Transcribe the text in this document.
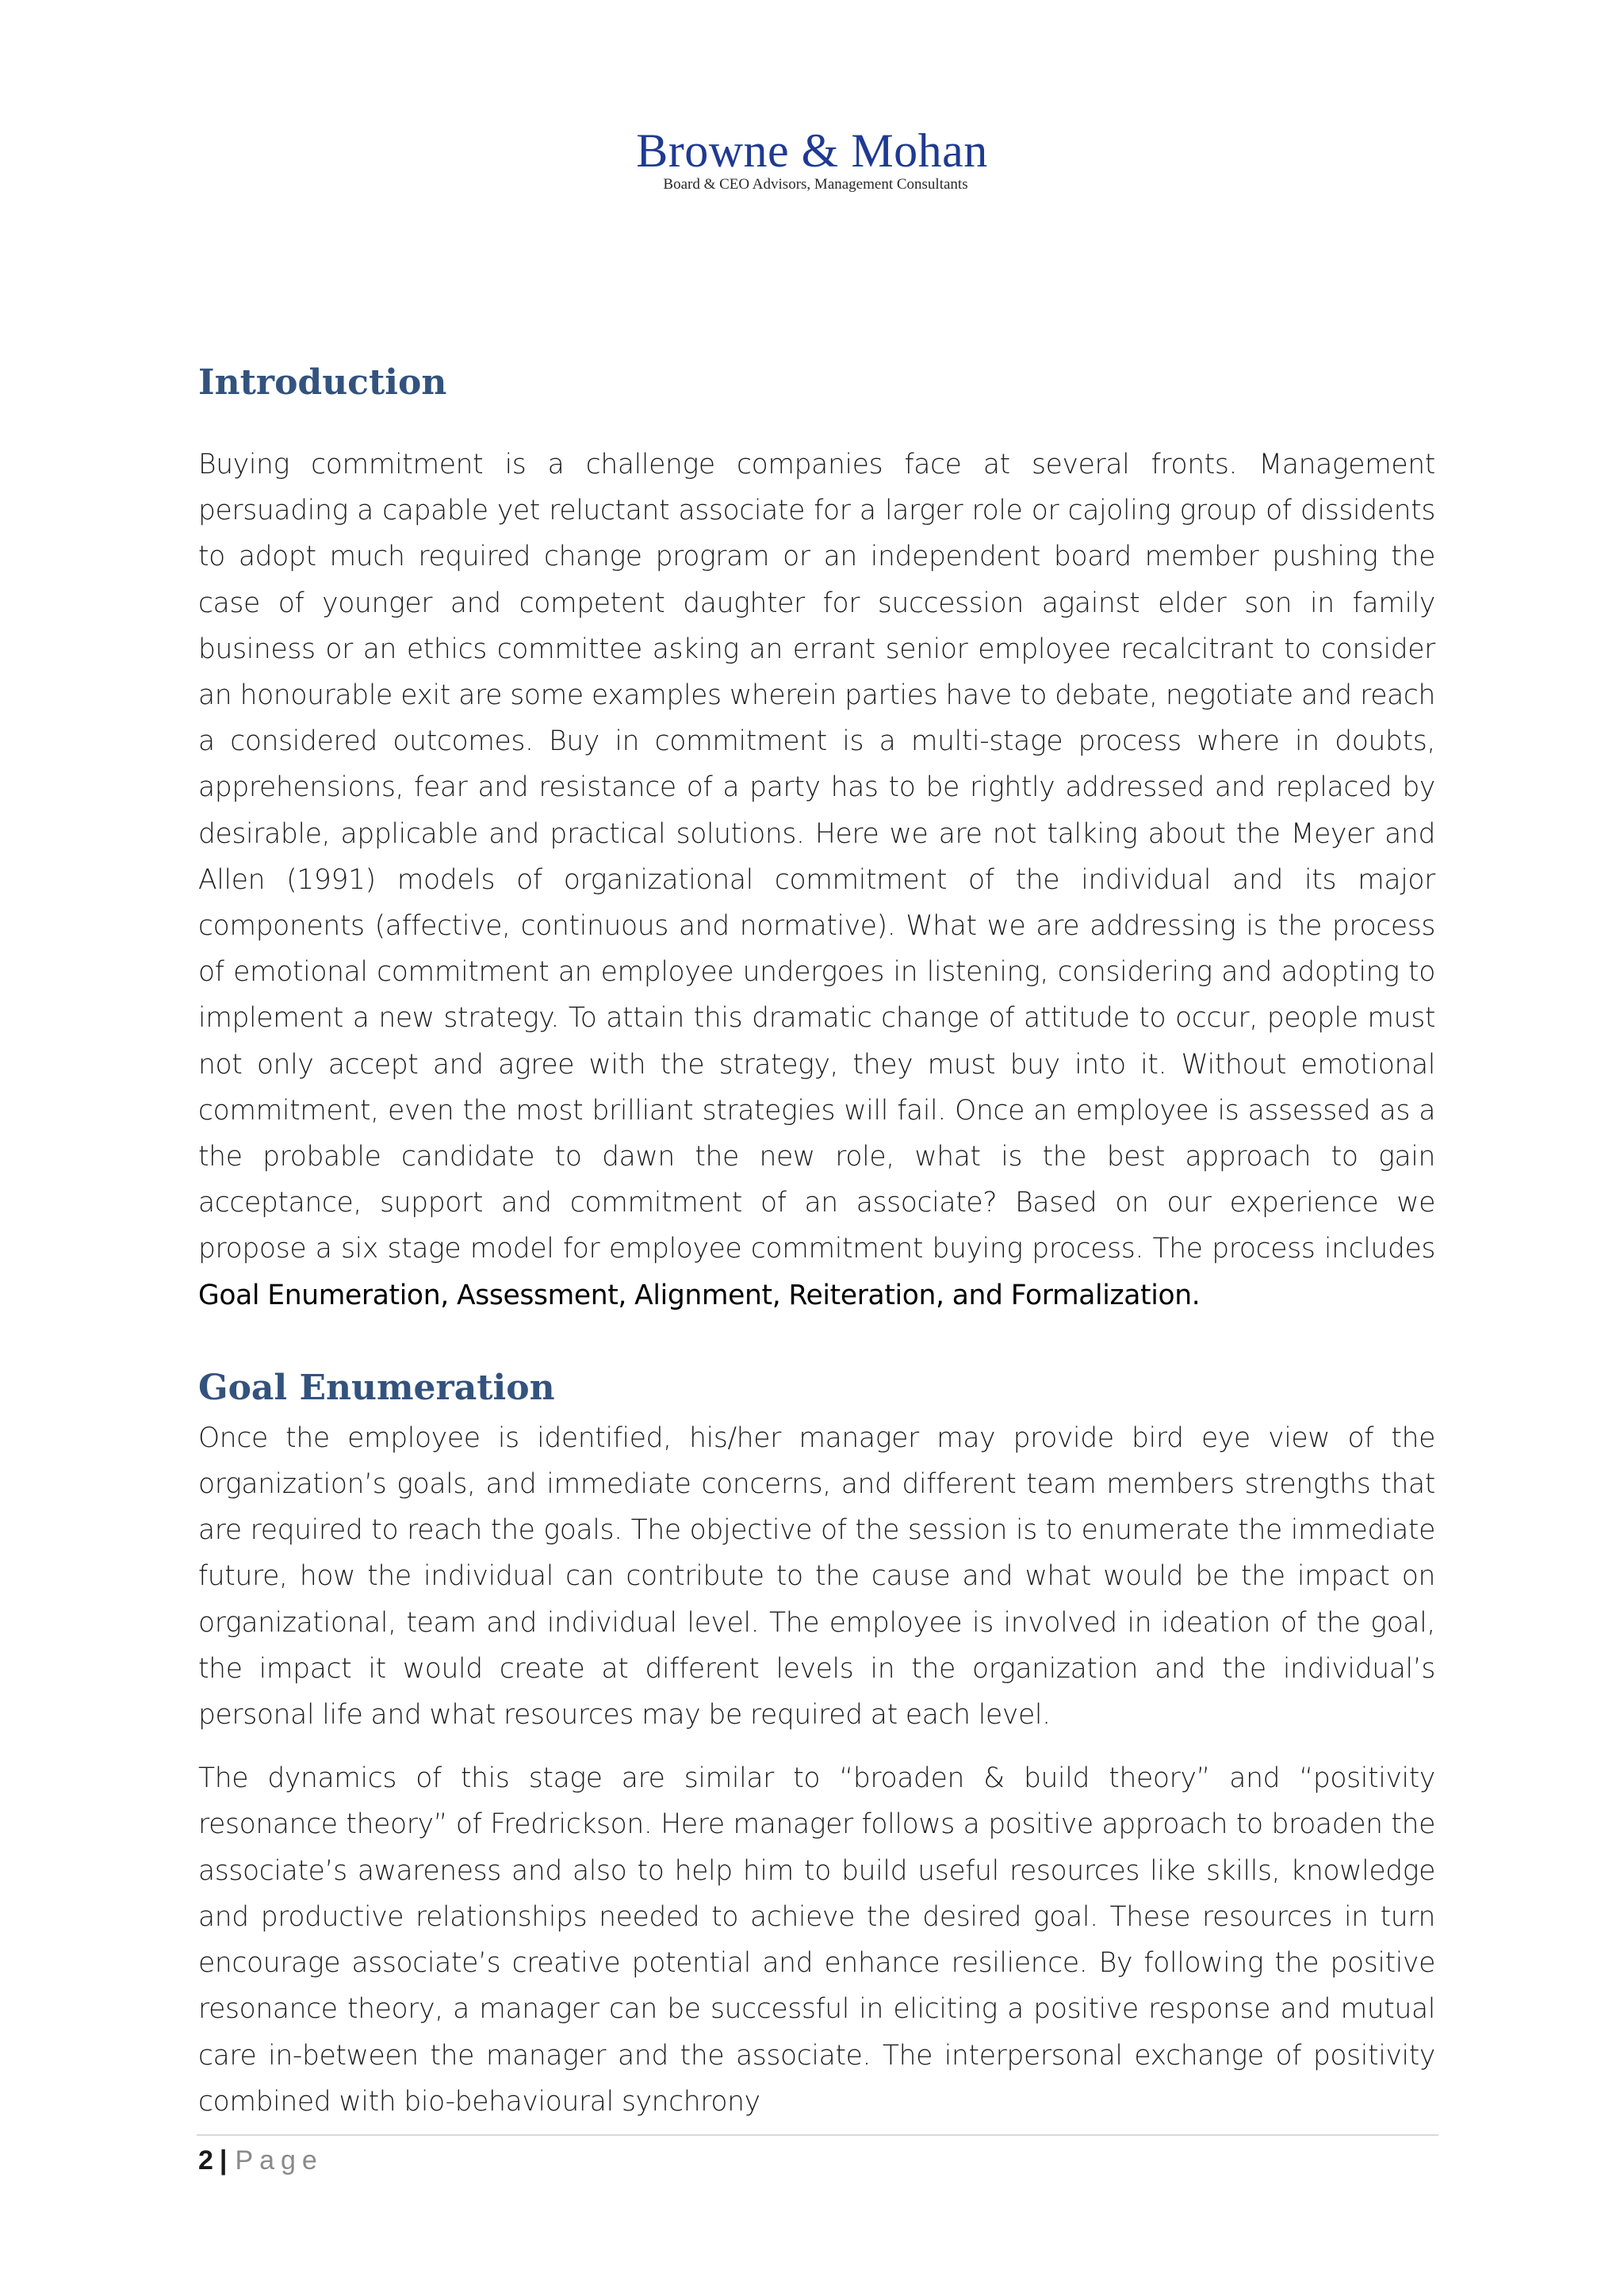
Browne & Mohan
Board & CEO Advisors, Management Consultants
Introduction

Buying commitment is a challenge companies face at several fronts. Management persuading a capable yet reluctant associate for a larger role or cajoling group of dissidents to adopt much required change program or an independent board member pushing the case of younger and competent daughter for succession against elder son in family business or an ethics committee asking an errant senior employee recalcitrant to consider an honourable exit are some examples wherein parties have to debate, negotiate and reach a considered outcomes. Buy in commitment is a multi-stage process where in doubts, apprehensions, fear and resistance of a party has to be rightly addressed and replaced by desirable, applicable and practical solutions. Here we are not talking about the Meyer and Allen (1991) models of organizational commitment of the individual and its major components (affective, continuous and normative). What we are addressing is the process of emotional commitment an employee undergoes in listening, considering and adopting to implement a new strategy. To attain this dramatic change of attitude to occur, people must not only accept and agree with the strategy, they must buy into it. Without emotional commitment, even the most brilliant strategies will fail. Once an employee is assessed as a the probable candidate to dawn the new role, what is the best approach to gain acceptance, support and commitment of an associate? Based on our experience we propose a six stage model for employee commitment buying process. The process includes Goal Enumeration, Assessment, Alignment, Reiteration, and Formalization.

Goal Enumeration

Once the employee is identified, his/her manager may provide bird eye view of the organization’s goals, and immediate concerns, and different team members strengths that are required to reach the goals. The objective of the session is to enumerate the immediate future, how the individual can contribute to the cause and what would be the impact on organizational, team and individual level. The employee is involved in ideation of the goal, the impact it would create at different levels in the organization and the individual’s personal life and what resources may be required at each level.

The dynamics of this stage are similar to “broaden & build theory” and “positivity resonance theory” of Fredrickson. Here manager follows a positive approach to broaden the associate’s awareness and also to help him to build useful resources like skills, knowledge and productive relationships needed to achieve the desired goal. These resources in turn encourage associate’s creative potential and enhance resilience. By following the positive resonance theory, a manager can be successful in eliciting a positive response and mutual care in-between the manager and the associate. The interpersonal exchange of positivity combined with bio-behavioural synchrony

2 | Page
